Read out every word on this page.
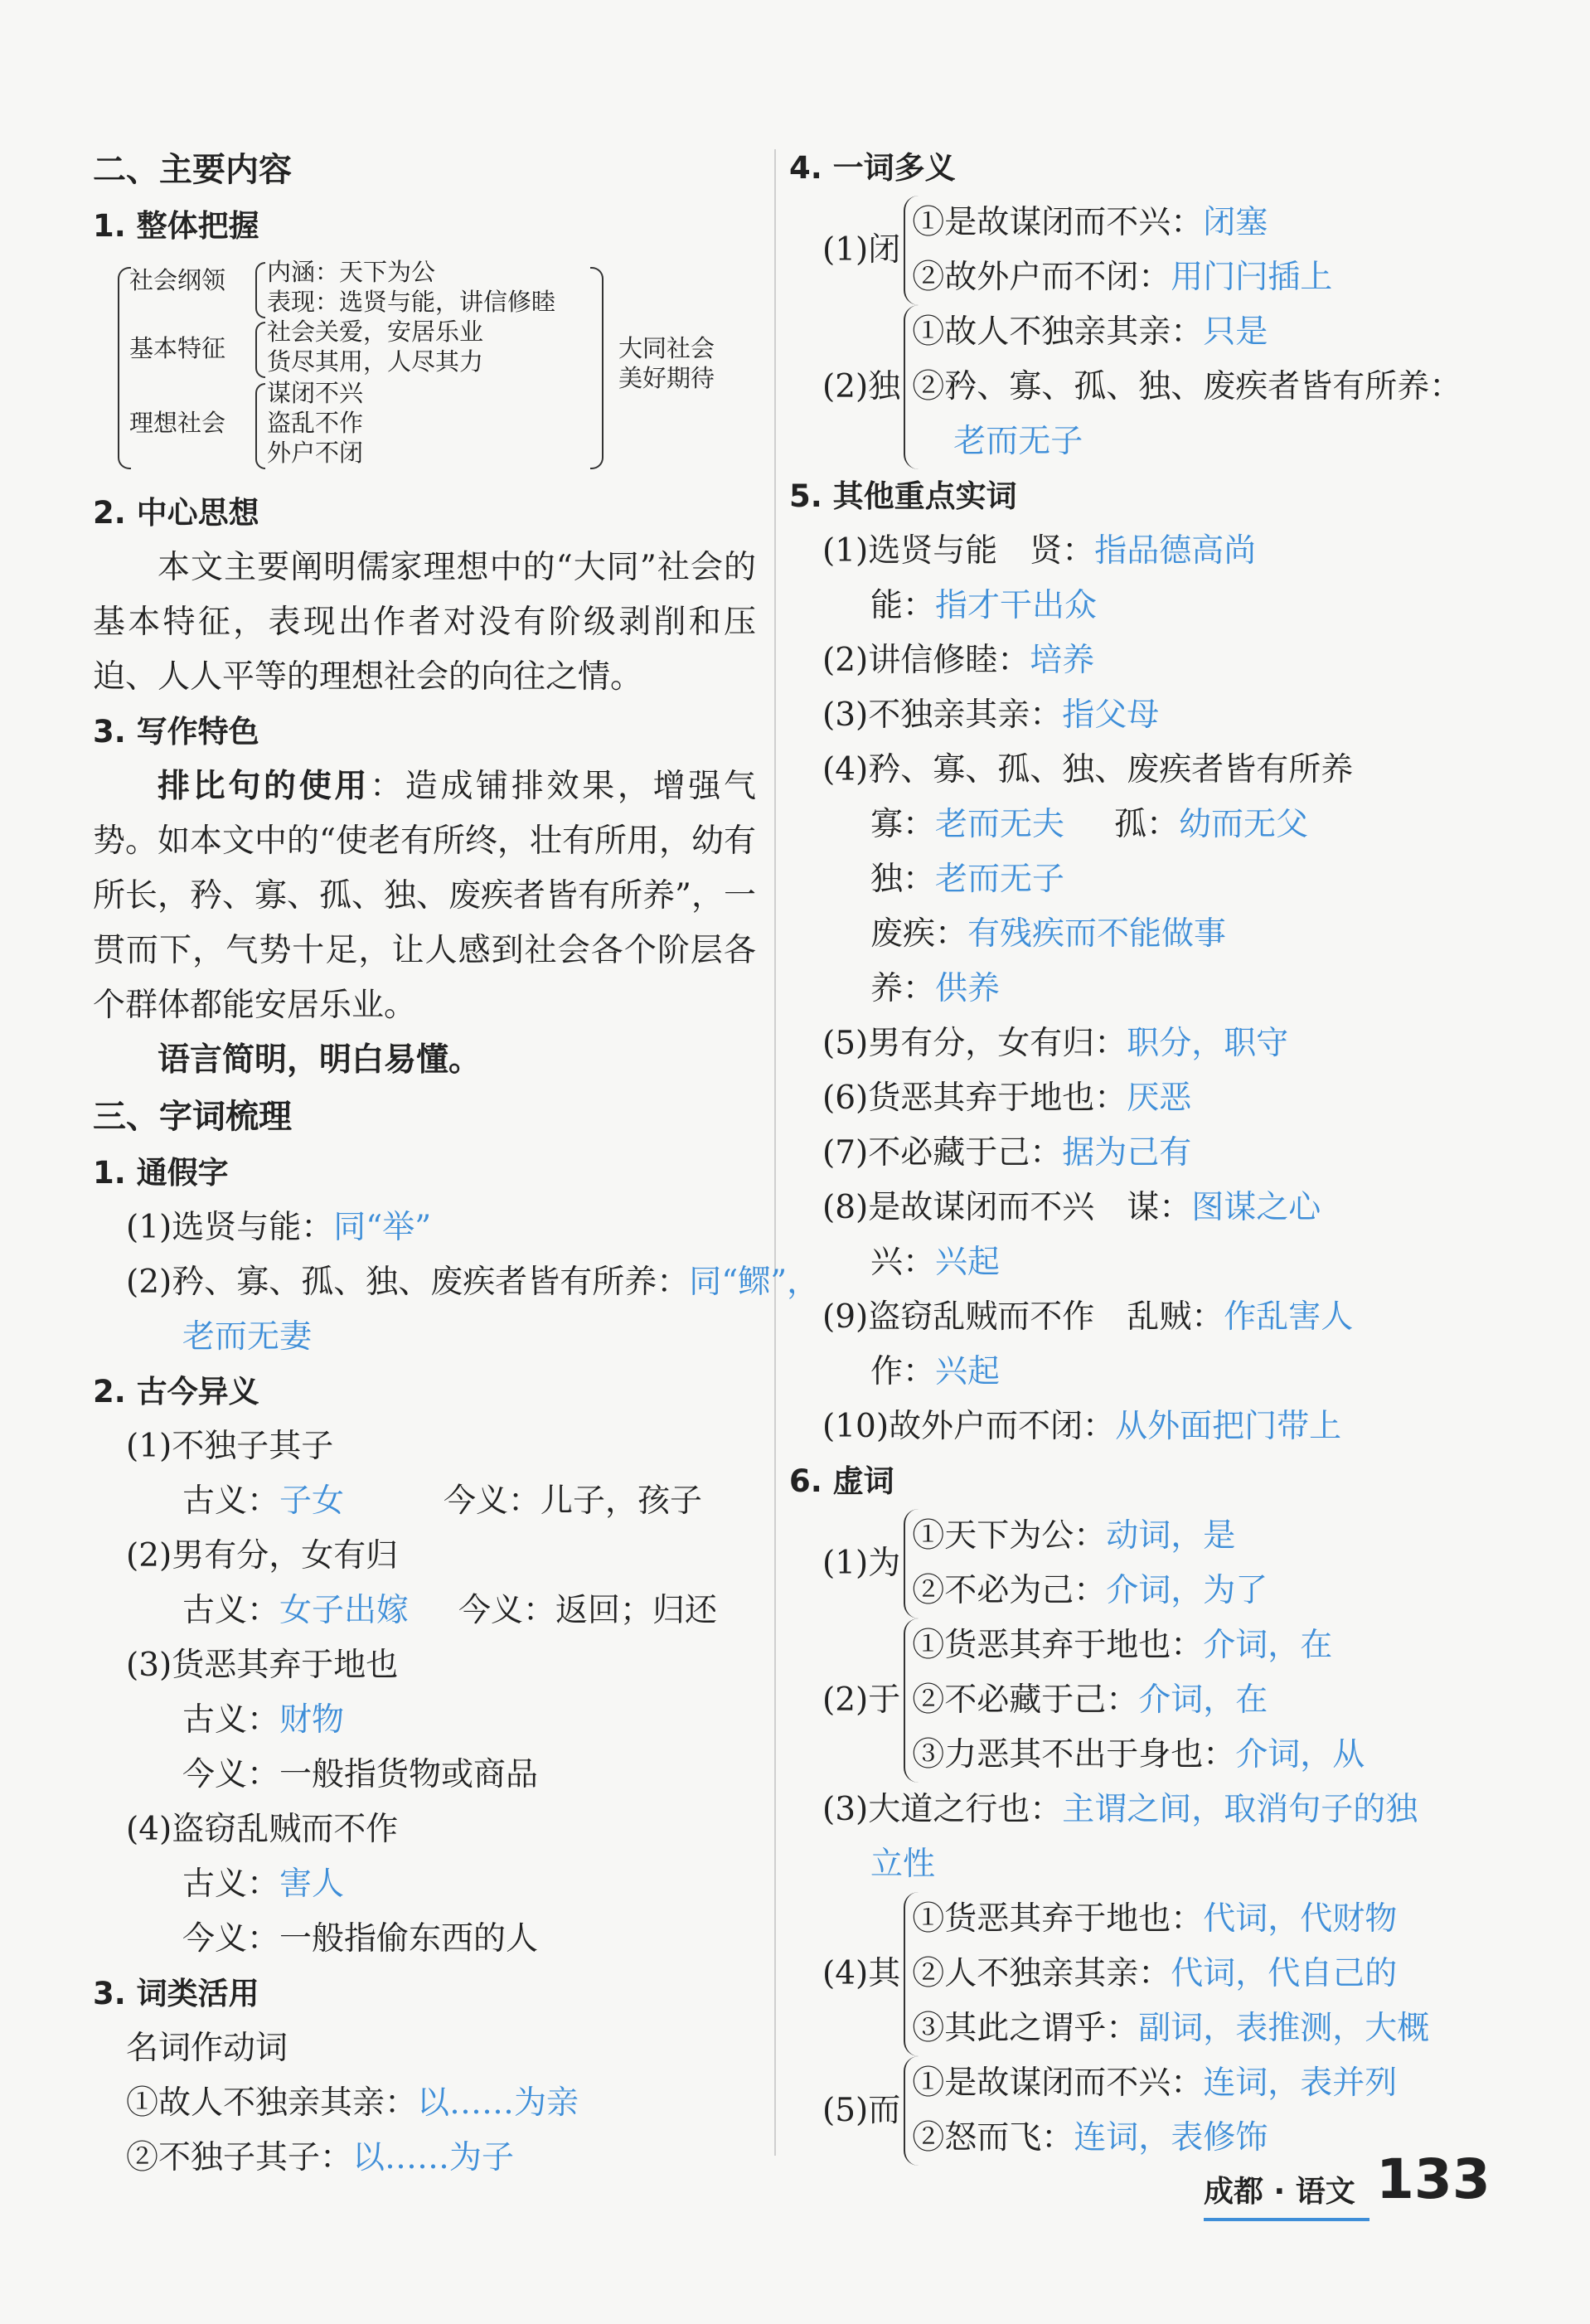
二、主要内容
1. 整体把握
社会纲领 内涵：天下为公
表现：选贤与能，讲信修睦
基本特征
社会关爱，安居乐业
货尽其用，人尽其力
理想社会
谋闭不兴
盗乱不作
外户不闭
大同社会
美好期待
2. 中心思想
本文主要阐明儒家理想中的“大同”社会的基本特征，表现出作者对没有阶级剥削和压迫、人人平等的理想社会的向往之情。
3. 写作特色
排比句的使用：造成铺排效果，增强气势。如本文中的“使老有所终，壮有所用，幼有所长，矜、寡、孤、独、废疾者皆有所养”，一贯而下，气势十足，让人感到社会各个阶层各个群体都能安居乐业。
语言简明，明白易懂。
三、字词梳理
1. 通假字
(1)选贤与能：同“举”
(2)矜、寡、孤、独、废疾者皆有所养：同“鳏”，
老而无妻
2. 古今异义
(1)不独子其子
古义：子女	今义：儿子，孩子
(2)男有分，女有归
古义：女子出嫁 今义：返回；归还
(3)货恶其弃于地也
古义：财物
今义：一般指货物或商品
(4)盗窃乱贼而不作
古义：害人
今义：一般指偷东西的人
3. 词类活用
名词作动词
①故人不独亲其亲：以……为亲
②不独子其子：以……为子
4. 一词多义
(1)闭
①是故谋闭而不兴：闭塞
②故外户而不闭：用门闩插上
(2)独
①故人不独亲其亲：只是
②矜、寡、孤、独、废疾者皆有所养：
老而无子
5. 其他重点实词
(1)选贤与能　贤：指品德高尚
能：指才干出众
(2)讲信修睦：培养
(3)不独亲其亲：指父母
(4)矜、寡、孤、独、废疾者皆有所养
寡：老而无夫 孤：幼而无父
独：老而无子
废疾：有残疾而不能做事
养：供养
(5)男有分，女有归：职分，职守
(6)货恶其弃于地也：厌恶
(7)不必藏于己：据为己有
(8)是故谋闭而不兴　谋：图谋之心
兴：兴起
(9)盗窃乱贼而不作　乱贼：作乱害人
作：兴起
(10)故外户而不闭：从外面把门带上
6. 虚词
(1)为
①天下为公：动词，是
②不必为己：介词，为了
(2)于
①货恶其弃于地也：介词，在
②不必藏于己：介词，在
③力恶其不出于身也：介词，从
(3)大道之行也：主谓之间，取消句子的独
立性
(4)其
①货恶其弃于地也：代词，代财物
②人不独亲其亲：代词，代自己的
③其此之谓乎：副词，表推测，大概
(5)而
①是故谋闭而不兴：连词，表并列
②怒而飞：连词，表修饰
成都 · 语文 133
